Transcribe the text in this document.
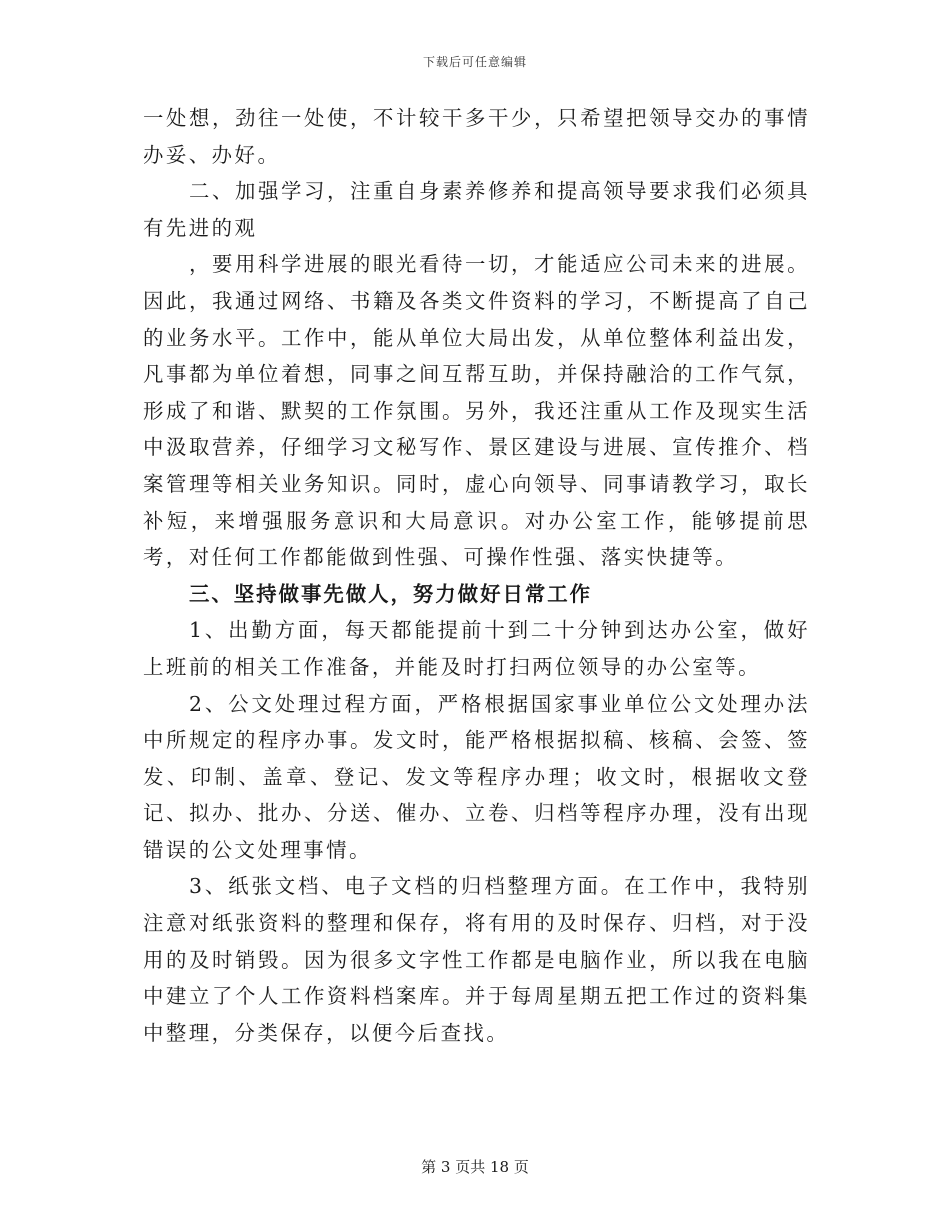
下载后可任意编辑

一处想，劲往一处使，不计较干多干少，只希望把领导交办的事情办妥、办好。

二、加强学习，注重自身素养修养和提高领导要求我们必须具有先进的观

，要用科学进展的眼光看待一切，才能适应公司未来的进展。因此，我通过网络、书籍及各类文件资料的学习，不断提高了自己的业务水平。工作中，能从单位大局出发，从单位整体利益出发，凡事都为单位着想，同事之间互帮互助，并保持融洽的工作气氛，形成了和谐、默契的工作氛围。另外，我还注重从工作及现实生活中汲取营养，仔细学习文秘写作、景区建设与进展、宣传推介、档案管理等相关业务知识。同时，虚心向领导、同事请教学习，取长补短，来增强服务意识和大局意识。对办公室工作，能够提前思考，对任何工作都能做到性强、可操作性强、落实快捷等。

三、坚持做事先做人，努力做好日常工作

1、出勤方面，每天都能提前十到二十分钟到达办公室，做好上班前的相关工作准备，并能及时打扫两位领导的办公室等。

2、公文处理过程方面，严格根据国家事业单位公文处理办法中所规定的程序办事。发文时，能严格根据拟稿、核稿、会签、签发、印制、盖章、登记、发文等程序办理；收文时，根据收文登记、拟办、批办、分送、催办、立卷、归档等程序办理，没有出现错误的公文处理事情。

3、纸张文档、电子文档的归档整理方面。在工作中，我特别注意对纸张资料的整理和保存，将有用的及时保存、归档，对于没用的及时销毁。因为很多文字性工作都是电脑作业，所以我在电脑中建立了个人工作资料档案库。并于每周星期五把工作过的资料集中整理，分类保存，以便今后查找。

第 3 页共 18 页
